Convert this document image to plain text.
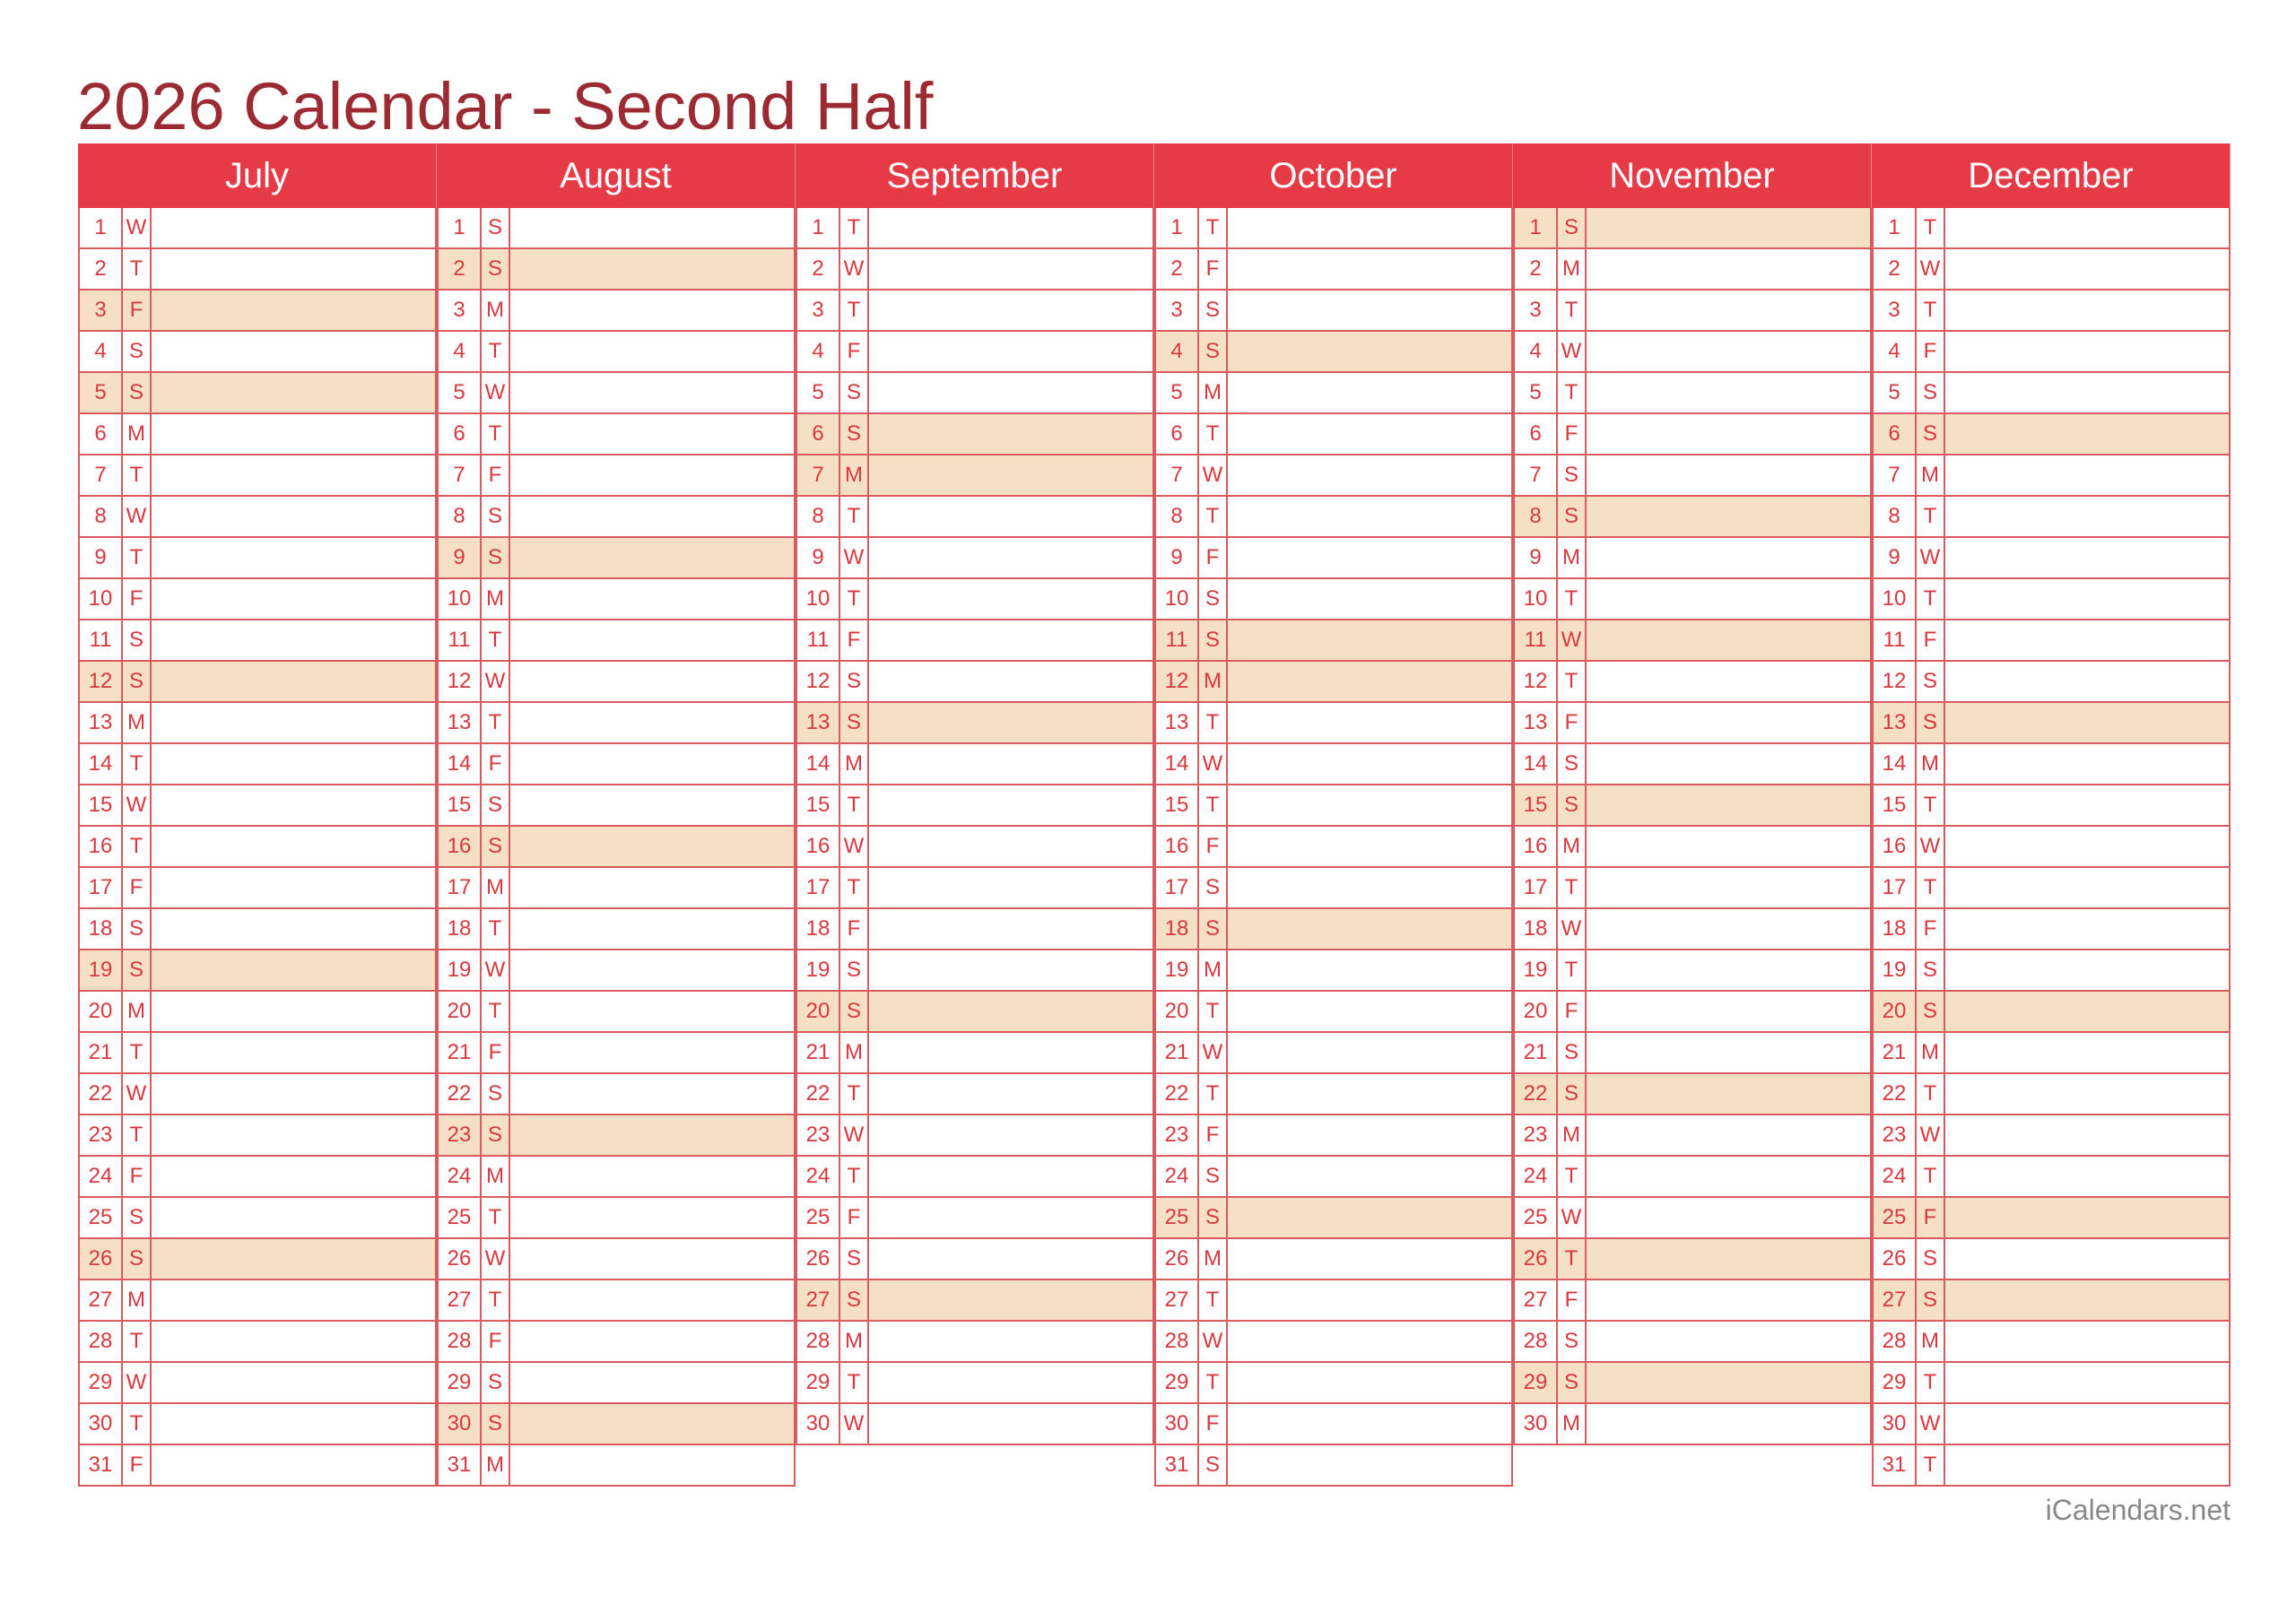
2026 Calendar - Second Half
July
1 W
2	T
3	F
4	S
5	S
6 M
7	T
8 W
9	T
10 F
11 S
12 S
13 M
14 T
15 W
16 T
17 F
18 S
19 S
20 M
21 T
22 W
23 T
24 F
25 S
26 S
27 M
28 T
29 W
30 T
31 F
August
1	S
2	S
3 M
4	T
5 W
6	T
7	F
8	S
9	S
10 M
11 T
12 W
13 T
14 F
15 S
16 S
17 M
18 T
19 W
20 T
21 F
22 S
23 S
24 M
25 T
26 W
27 T
28 F
29 S
30 S
31 M
September
1	T
2 W
3	T
4	F
5	S
6	S
7 M
8	T
9 W
10 T
11 F
12 S
13 S
14 M
15 T
16 W
17 T
18 F
19 S
20 S
21 M
22 T
23 W
24 T
25 F
26 S
27 S
28 M
29 T
30 W
October
1	T
2	F
3	S
4	S
5 M
6	T
7 W
8	T
9	F
10 S
11 S
12 M
13 T
14 W
15 T
16 F
17 S
18 S
19 M
20 T
21 W
22 T
23 F
24 S
25 S
26 M
27 T
28 W
29 T
30 F
31 S
November
1	S
2 M
3	T
4 W
5	T
6	F
7	S
8	S
9 M
10 T
11 W
12 T
13 F
14 S
15 S
16 M
17 T
18 W
19 T
20 F
21 S
22 S
23 M
24 T
25 W
26 T
27 F
28 S
29 S
30 M
December
1	T
2 W
3	T
4	F
5	S
6	S
7 M
8	T
9 W
10 T
11 F
12 S
13 S
14 M
15 T
16 W
17 T
18 F
19 S
20 S
21 M
22 T
23 W
24 T
25 F
26 S
27 S
28 M
29 T
30 W
31 T
iCalendars.net
